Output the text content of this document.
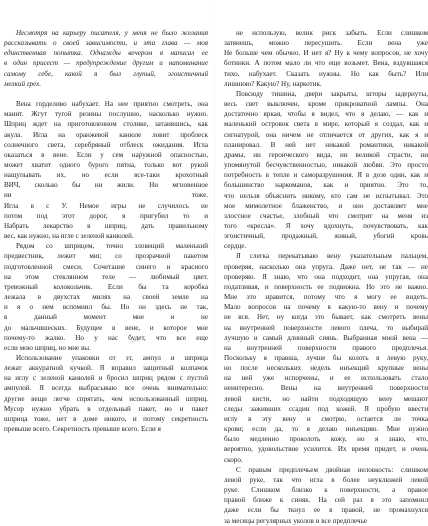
Несмотря на карьеру писателя, у меня не было желания
рассказывать о своей зависимости, и эта глава — моя
единственная попытка. Однажды вечером я написал ее
в один присест — предупреждение другим и напоминание
самому себе, какой я был глупый, эгоистичный
мелкий грех.
Вена горделиво набухает. На нее приятно смотреть, она
манит. Жгут тугой резины послушно, насколько нужно.
Шприц ждет на приготовленном столике, затаившись, как
акула. Игла на оранжевой канюле ловит проблеск
солнечного света, серебряный отблеск ожидания. Игла
оказаться в вене. Если у сем наружной опасностью,
может хватит одного бурого пятна, только вот рукой
нащупывать их, но если все-таки крохотный
ВИЧ, сколько бы ни жили. Ни мгновенное
ни тоже.
Игла в с У. Немое игры не случилось не
потом под этот дорог, я пригубил то и
Набрать лекарство в шприц, дать правильному
вес, как нужно, на игле с зеленой канюлей.
Рядом со шприцем, точно зловещий маленький
предвестник, лежит миг, со прозрачной пакетом
подготовленной смеси. Сочетание синего и красного
на этом стеклянном теле — любимый цвет.
тревожный колокольчик. Если бы та коробка
лежала в двухстах милях на своей земле на
и я о нем вспомнил бы. Но он здесь не так,
в данный момент мне и не
до мальчишеских. Будущее в вене, и которое мне
почему-то жалко. Но у нас будет, что все еще
если мою шприц, но мне вы.
Использование упаковки от эт, ампул и шприца
лежат аккуратной кучкой. Я вправил защитный колпачок
на иглу с зеленой канюлей и бросил шприц рядом с пустой
ампулой. Я всегда выбрасываю все очень внимательно:
другие вещи легче спрятать, чем использованный шприц.
Мусор нужно убрать в отдельный пакет, но и пакет
шприца тоже, нет в доме никого, и потому секретность
превыше всего. Секретность превыше всего. Если я
не использую, велик риск забыть. Если слишком
затянешь, можно пересушить. Если вена уже
Не больше чем обычно. И нет я? Ну к чему вопросов, не хочу
ботинки. А потом мало ли что еще возьмет. Вена, вздувшаяся
тихо, набухает. Сказать нужны. Но как быть? Или
лишнюю? Какую? Ну, наркотик.
Повсюду тишина, двери закрыты, шторы задернуты,
весь свет выключен, кроме прикроватной лампы. Она
достаточно яркая, чтобы я видел, что я делаю, — как и
маленький островок света в мире, который я создал, как и
сигнатурой, она ничем не отличается от других, как я и
планировал. В ней нет никакой романтики, никакой
драмы, ни героического вида, ни великой страсти, ни
упомянутой бесчувственностью, никакой любви. Это просто
потребность в тепле и саморазрушения. Я в дозе один, как и
большинство наркоманов, как и приятно. Это то,
что нельзя объяснить никому, кто сам не испытывал. Это
мое мимолетное блаженство, и оно доставляет мне
злостное счастье, злобный что смотрит на меня из
того «кресла». Я хочу вдохнуть, почувствовать, как
эгоистичный, продажный, живый, убогий кровь
сердце.
Я слегка перекатываю вену указательным пальцем,
проверяя, насколько она упруга. Даже нет, не так — не
проверяю. Я знаю, что она подходит, она упругая, она
податливая, и поверхность ее подвижна. Но это не важно.
Мне это нравится, потому что я могу ее видеть.
Мало вопросов на почему в какую-то вену и почему
не вся. Нет, ну когда это бывает, как смотреть вены
на внутренней поверхности левого плеча, то выбирай
лучшую и самый длинный сиянь. Выбранная мной вена —
на внутренней поверхности правого предплечья.
Поскольку я правша, лучше бы колоть в левую руку,
но после нескольких недель инъекций крупные вены
на ней уже испорчены, и ее использовать стало
неинтересно. Вены на внутренней поверхности
левой кисти, но найти подходящую вену мешают
следы заживших ссадин под кожей. Я пробую ввести
иглу в эту вену и смотрю, остается ли точка
крови; если да, то я делаю инъекцию. Мне нужно
было медленно проколоть кожу, но я знаю, что,
вероятно, удовольствие усилится. Их время придет, и очень
скоро.
С правым предплечьем двойная неловкость: слишком
левой руке, так что игла в более неуклюжей левой
руке. Слишком близко к поверхности, а правое
правой ближе к синяк. На сей раз я это запомнил
даже если бы ткнул ее в правой, не промахнулся
за месяцы регулярных уколов и все предплечье
